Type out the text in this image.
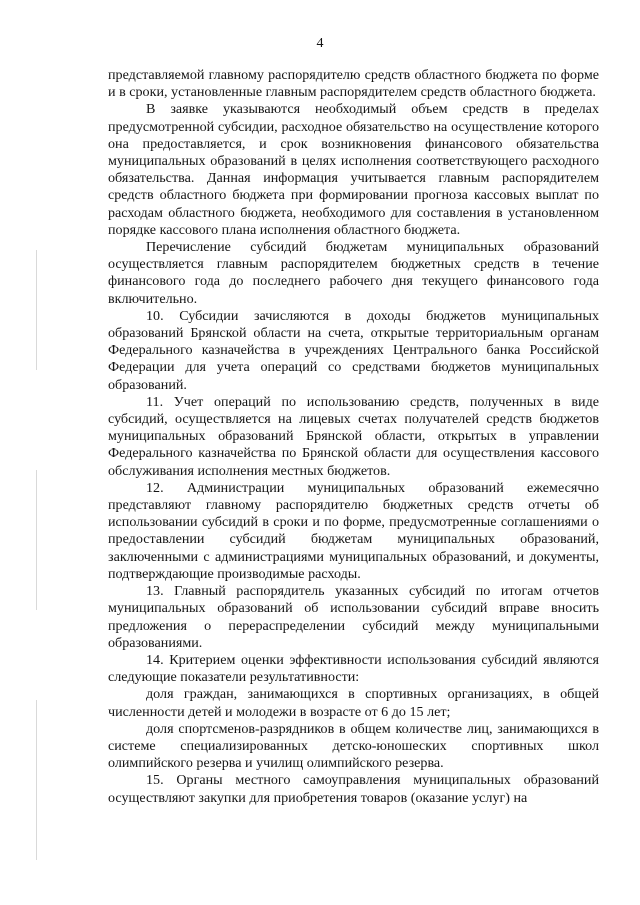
4

представляемой главному распорядителю средств областного бюджета по форме и в сроки, установленные главным распорядителем средств областного бюджета.

В заявке указываются необходимый объем средств в пределах предусмотренной субсидии, расходное обязательство на осуществление которого она предоставляется, и срок возникновения финансового обязательства муниципальных образований в целях исполнения соответствующего расходного обязательства. Данная информация учитывается главным распорядителем средств областного бюджета при формировании прогноза кассовых выплат по расходам областного бюджета, необходимого для составления в установленном порядке кассового плана исполнения областного бюджета.

Перечисление субсидий бюджетам муниципальных образований осуществляется главным распорядителем бюджетных средств в течение финансового года до последнего рабочего дня текущего финансового года включительно.

10. Субсидии зачисляются в доходы бюджетов муниципальных образований Брянской области на счета, открытые территориальным органам Федерального казначейства в учреждениях Центрального банка Российской Федерации для учета операций со средствами бюджетов муниципальных образований.

11. Учет операций по использованию средств, полученных в виде субсидий, осуществляется на лицевых счетах получателей средств бюджетов муниципальных образований Брянской области, открытых в управлении Федерального казначейства по Брянской области для осуществления кассового обслуживания исполнения местных бюджетов.

12. Администрации муниципальных образований ежемесячно представляют главному распорядителю бюджетных средств отчеты об использовании субсидий в сроки и по форме, предусмотренные соглашениями о предоставлении субсидий бюджетам муниципальных образований, заключенными с администрациями муниципальных образований, и документы, подтверждающие производимые расходы.

13. Главный распорядитель указанных субсидий по итогам отчетов муниципальных образований об использовании субсидий вправе вносить предложения о перераспределении субсидий между муниципальными образованиями.

14. Критерием оценки эффективности использования субсидий являются следующие показатели результативности:

доля граждан, занимающихся в спортивных организациях, в общей численности детей и молодежи в возрасте от 6 до 15 лет;

доля спортсменов-разрядников в общем количестве лиц, занимающихся в системе специализированных детско-юношеских спортивных школ олимпийского резерва и училищ олимпийского резерва.

15. Органы местного самоуправления муниципальных образований осуществляют закупки для приобретения товаров (оказание услуг) на
